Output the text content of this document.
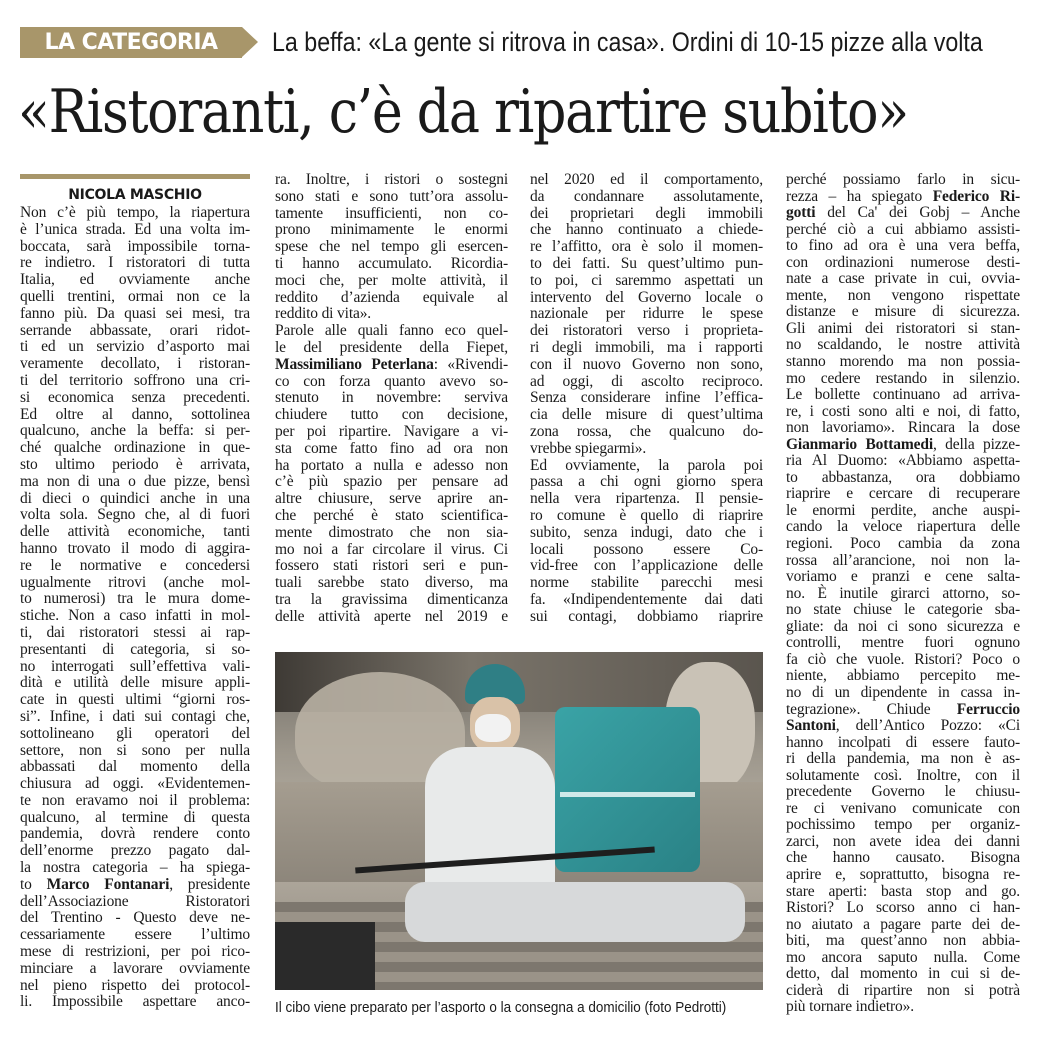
LA CATEGORIA	La beffa: «La gente si ritrova in casa». Ordini di 10-15 pizze alla volta
«Ristoranti, c’è da ripartire subito»
NICOLA MASCHIO
Non c’è più tempo, la riapertura
è l’unica strada. Ed una volta im-
boccata, sarà impossibile torna-
re indietro. I ristoratori di tutta
Italia, ed ovviamente anche
quelli trentini, ormai non ce la
fanno più. Da quasi sei mesi, tra
serrande abbassate, orari ridot-
ti ed un servizio d’asporto mai
veramente decollato, i ristoran-
ti del territorio soffrono una cri-
si economica senza precedenti.
Ed oltre al danno, sottolinea
qualcuno, anche la beffa: si per-
ché qualche ordinazione in que-
sto ultimo periodo è arrivata,
ma non di una o due pizze, bensì
di dieci o quindici anche in una
volta sola. Segno che, al di fuori
delle attività economiche, tanti
hanno trovato il modo di aggira-
re le normative e concedersi
ugualmente ritrovi (anche mol-
to numerosi) tra le mura dome-
stiche. Non a caso infatti in mol-
ti, dai ristoratori stessi ai rap-
presentanti di categoria, si so-
no interrogati sull’effettiva vali-
dità e utilità delle misure appli-
cate in questi ultimi “giorni ros-
si”. Infine, i dati sui contagi che,
sottolineano gli operatori del
settore, non si sono per nulla
abbassati dal momento della
chiusura ad oggi. «Evidentemen-
te non eravamo noi il problema:
qualcuno, al termine di questa
pandemia, dovrà rendere conto
dell’enorme prezzo pagato dal-
la nostra categoria – ha spiega-
to Marco Fontanari, presidente
dell’Associazione Ristoratori
del Trentino - Questo deve ne-
cessariamente essere l’ultimo
mese di restrizioni, per poi rico-
minciare a lavorare ovviamente
nel pieno rispetto dei protocol-
li. Impossibile aspettare anco-
ra. Inoltre, i ristori o sostegni
sono stati e sono tutt’ora assolu-
tamente insufficienti, non co-
prono minimamente le enormi
spese che nel tempo gli esercen-
ti hanno accumulato. Ricordia-
moci che, per molte attività, il
reddito d’azienda equivale al
reddito di vita».
Parole alle quali fanno eco quel-
le del presidente della Fiepet,
Massimiliano Peterlana: «Rivendi-
co con forza quanto avevo so-
stenuto in novembre: serviva
chiudere tutto con decisione,
per poi ripartire. Navigare a vi-
sta come fatto fino ad ora non
ha portato a nulla e adesso non
c’è più spazio per pensare ad
altre chiusure, serve aprire an-
che perché è stato scientifica-
mente dimostrato che non sia-
mo noi a far circolare il virus. Ci
fossero stati ristori seri e pun-
tuali sarebbe stato diverso, ma
tra la gravissima dimenticanza
delle attività aperte nel 2019 e
nel 2020 ed il comportamento,
da condannare assolutamente,
dei proprietari degli immobili
che hanno continuato a chiede-
re l’affitto, ora è solo il momen-
to dei fatti. Su quest’ultimo pun-
to poi, ci saremmo aspettati un
intervento del Governo locale o
nazionale per ridurre le spese
dei ristoratori verso i proprieta-
ri degli immobili, ma i rapporti
con il nuovo Governo non sono,
ad oggi, di ascolto reciproco.
Senza considerare infine l’effica-
cia delle misure di quest’ultima
zona rossa, che qualcuno do-
vrebbe spiegarmi».
Ed ovviamente, la parola poi
passa a chi ogni giorno spera
nella vera ripartenza. Il pensie-
ro comune è quello di riaprire
subito, senza indugi, dato che i
locali possono essere Co-
vid-free con l’applicazione delle
norme stabilite parecchi mesi
fa. «Indipendentemente dai dati
sui contagi, dobbiamo riaprire
perché possiamo farlo in sicu-
rezza – ha spiegato Federico Ri-
gotti del Ca' dei Gobj – Anche
perché ciò a cui abbiamo assisti-
to fino ad ora è una vera beffa,
con ordinazioni numerose desti-
nate a case private in cui, ovvia-
mente, non vengono rispettate
distanze e misure di sicurezza.
Gli animi dei ristoratori si stan-
no scaldando, le nostre attività
stanno morendo ma non possia-
mo cedere restando in silenzio.
Le bollette continuano ad arriva-
re, i costi sono alti e noi, di fatto,
non lavoriamo». Rincara la dose
Gianmario Bottamedi, della pizze-
ria Al Duomo: «Abbiamo aspetta-
to abbastanza, ora dobbiamo
riaprire e cercare di recuperare
le enormi perdite, anche auspi-
cando la veloce riapertura delle
regioni. Poco cambia da zona
rossa all’arancione, noi non la-
voriamo e pranzi e cene salta-
no. È inutile girarci attorno, so-
no state chiuse le categorie sba-
gliate: da noi ci sono sicurezza e
controlli, mentre fuori ognuno
fa ciò che vuole. Ristori? Poco o
niente, abbiamo percepito me-
no di un dipendente in cassa in-
tegrazione». Chiude Ferruccio
Santoni, dell’Antico Pozzo: «Ci
hanno incolpati di essere fauto-
ri della pandemia, ma non è as-
solutamente così. Inoltre, con il
precedente Governo le chiusu-
re ci venivano comunicate con
pochissimo tempo per organiz-
zarci, non avete idea dei danni
che hanno causato. Bisogna
aprire e, soprattutto, bisogna re-
stare aperti: basta stop and go.
Ristori? Lo scorso anno ci han-
no aiutato a pagare parte dei de-
biti, ma quest’anno non abbia-
mo ancora saputo nulla. Come
detto, dal momento in cui si de-
ciderà di ripartire non si potrà
più tornare indietro».
Il cibo viene preparato per l’asporto o la consegna a domicilio (foto Pedrotti)
